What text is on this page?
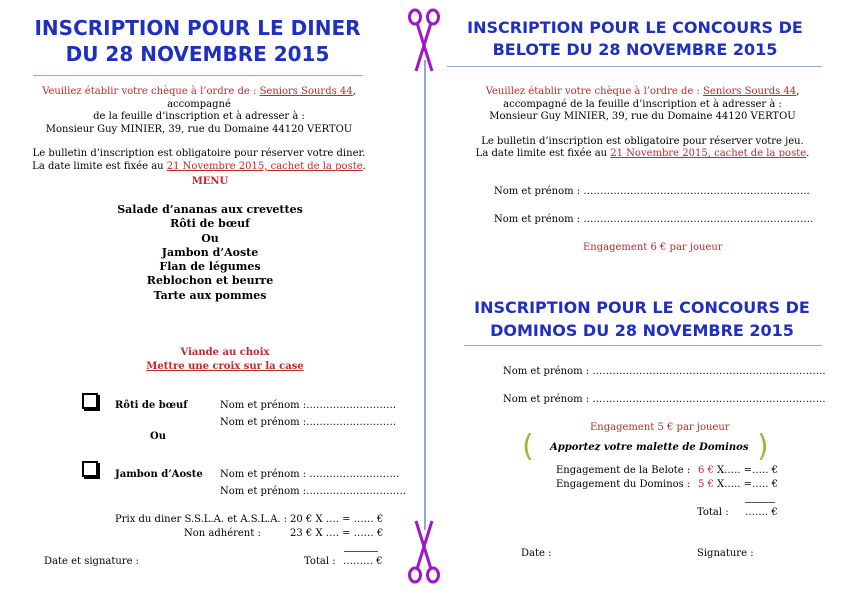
INSCRIPTION POUR LE DINER
DU 28 NOVEMBRE 2015
Veuillez établir votre chèque à l’ordre de : Seniors Sourds 44, accompagné
de la feuille d’inscription et à adresser à :
Monsieur Guy MINIER, 39, rue du Domaine 44120 VERTOU
Le bulletin d’inscription est obligatoire pour réserver votre diner.
La date limite est fixée au 21 Novembre 2015, cachet de la poste.
MENU
Salade d’ananas aux crevettes
Rôti de bœuf
Ou
Jambon d’Aoste
Flan de légumes
Reblochon et beurre
Tarte aux pommes
Viande au choix
Mettre une croix sur la case
Rôti de bœuf	Nom et prénom :………………………
Nom et prénom :………………………
Ou
Jambon d’Aoste Nom et prénom : ………………………
Nom et prénom :…………………………
Prix du diner S.S.L.A. et A.S.L.A. : 20 € X …. = …… €
Non adhérent :	23 € X …. = …… €
Date et signature :	Total : ……… €
INSCRIPTION POUR LE CONCOURS DE
BELOTE DU 28 NOVEMBRE 2015
Veuillez établir votre chèque à l’ordre de : Seniors Sourds 44,
accompagné de la feuille d’inscription et à adresser à :
Monsieur Guy MINIER, 39, rue du Domaine 44120 VERTOU
Le bulletin d’inscription est obligatoire pour réserver votre jeu.
La date limite est fixée au 21 Novembre 2015, cachet de la poste.
Nom et prénom : …………………………………………………………..
Nom et prénom : ……………………………………………………………
Engagement 6 € par joueur
INSCRIPTION POUR LE CONCOURS DE
DOMINOS DU 28 NOVEMBRE 2015
Nom et prénom : …………………………………………………………….
Nom et prénom : …………………………………………………………….
Engagement 5 € par joueur
(	)
Apportez votre malette de Dominos
Engagement de la Belote : 6 € X….. =….. €
Engagement du Dominos : 5 € X….. =….. €
Total : ……. €
Date :	Signature :
